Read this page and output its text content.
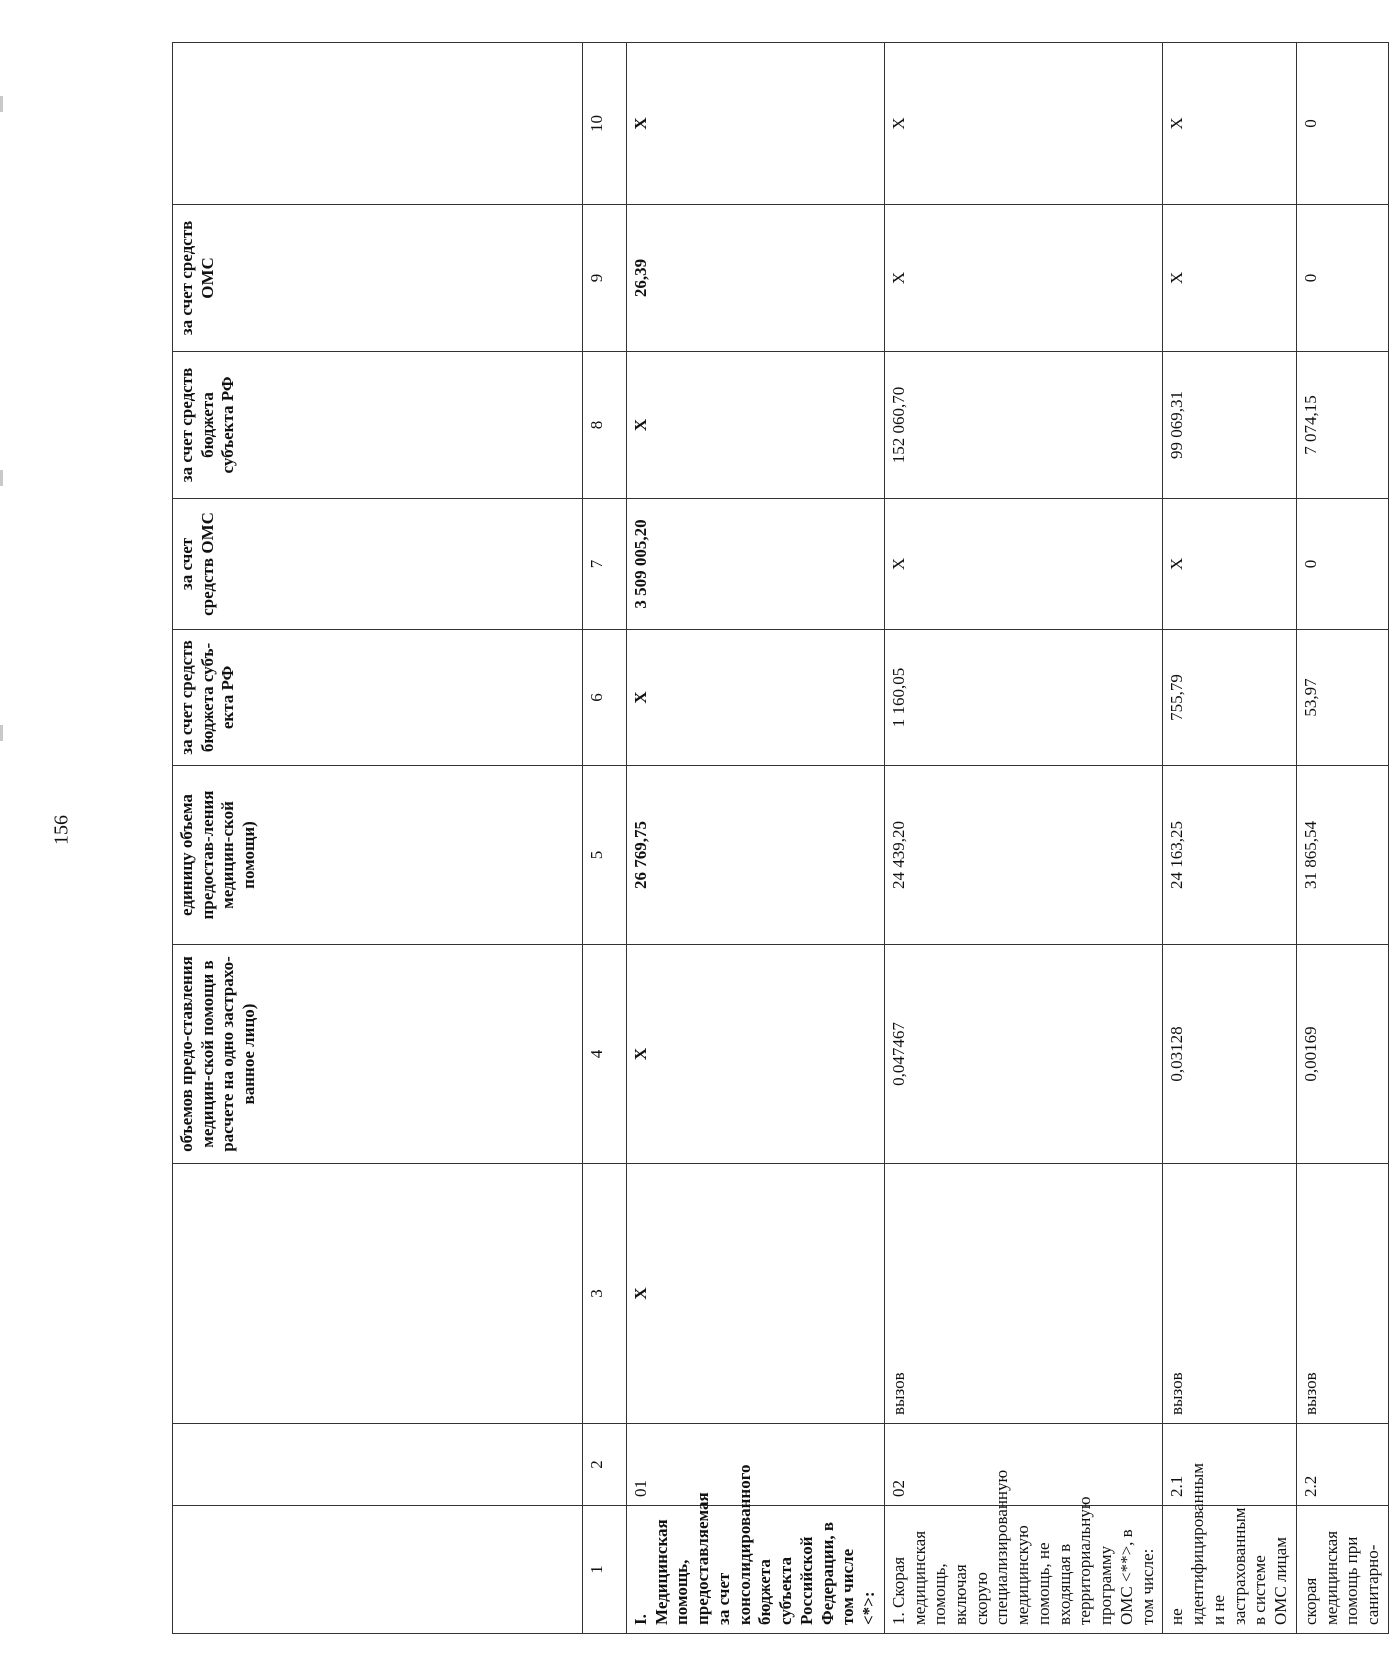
156
			объемов предо-ставления медицин-ской помощи в расчете на одно застрахо-ванное лицо)	единицу объема предостав-ления медицин-ской помощи)	за счет средств бюджета субъ-екта РФ	за счет средств ОМС	за счет средств бюджета субъекта РФ	за счет средств ОМС	
1	2	3	4	5	6	7	8	9	10
I. Медицинская помощь, предоставляемая за счет консолидированного бюджета субъекта Российской Федерации, в том числе <*>:	01	X	X	26 769,75	X	3 509 005,20	X	26,39	X
1. Скорая медицинская помощь, включая скорую специализированную медицинскую помощь, не входящая в территориальную программу ОМС <**>, в том числе:	02	вызов	0,047467	24 439,20	1 160,05	X	152 060,70	X	X
не идентифицированным и не застрахованным в системе ОМС лицам	2.1	вызов	0,03128	24 163,25	755,79	X	99 069,31	X	X
скорая медицинская помощь при санитарно-	2.2	вызов	0,00169	31 865,54	53,97	0	7 074,15	0	0
